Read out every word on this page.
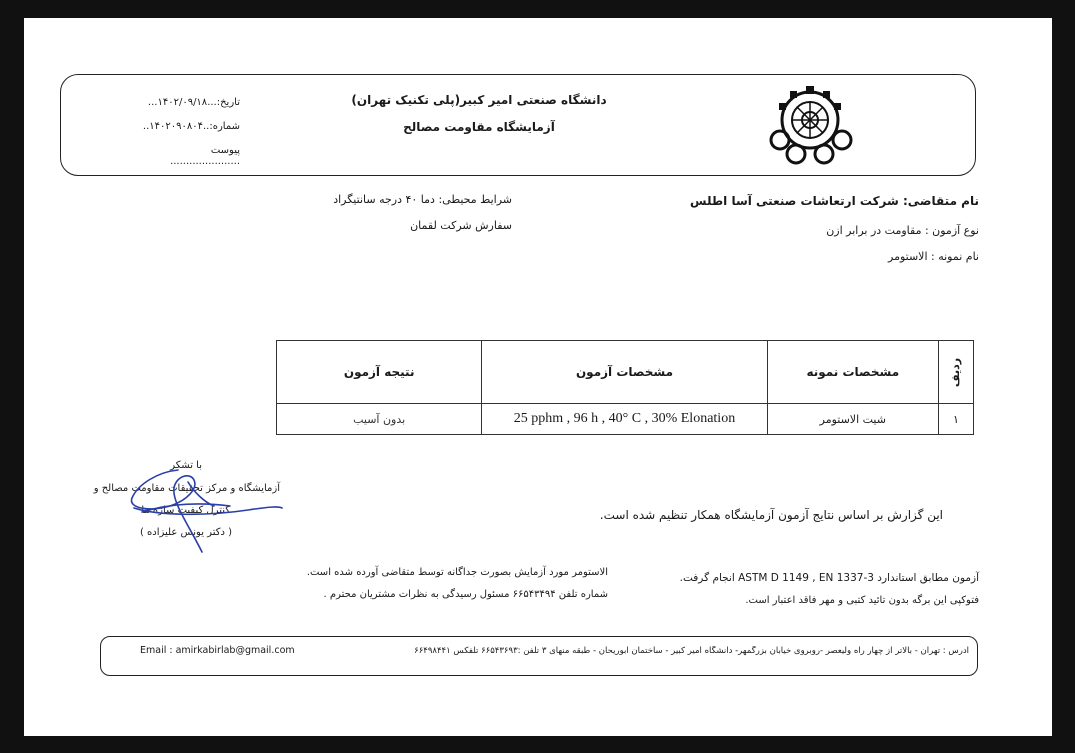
دانشگاه صنعتی امیر کبیر(پلی تکنیک تهران)
آزمایشگاه مقاومت مصالح
تاریخ:...۱۴۰۲/۰۹/۱۸...
شماره:..۱۴۰۲۰۹۰۸۰۴..
پیوست ......................
نام متقاضی: شرکت ارتعاشات صنعتی آسا اطلس
نوع آزمون : مقاومت در برابر ازن
نام نمونه : الاستومر
شرایط محیطی: دما ۴۰ درجه سانتیگراد
سفارش شرکت لقمان
نتیجه آزمون	مشخصات آزمون	مشخصات نمونه	ردیف
بدون آسیب	25 pphm , 96 h , 40° C , 30% Elonation	شیت الاستومر	۱
این گزارش بر اساس نتایج آزمون آزمایشگاه همکار تنظیم شده است.
آزمون مطابق استاندارد ASTM D 1149 , EN 1337-3 انجام گرفت.
فتوکپی این برگه بدون تائید کتبی و مهر فاقد اعتبار است.
الاستومر مورد آزمایش بصورت جداگانه توسط متقاضی آورده شده است.
شماره تلفن ۶۶۵۴۳۴۹۴ مسئول رسیدگی به نظرات مشتریان محترم .
با تشکر
آزمایشگاه و مرکز تحقیقات مقاومت مصالح و
کنترل کیفیت سازه ها
( دکتر یونس علیزاده )
آدرس : تهران - بالاتر از چهار راه ولیعصر -روبروی خیابان بزرگمهر- دانشگاه امیر کبیر - ساختمان ابوریحان - طبقه منهای ۳ تلفن :۶۶۵۴۳۶۹۳ تلفکس ۶۶۴۹۸۴۴۱
Email : amirkabirlab@gmail.com
